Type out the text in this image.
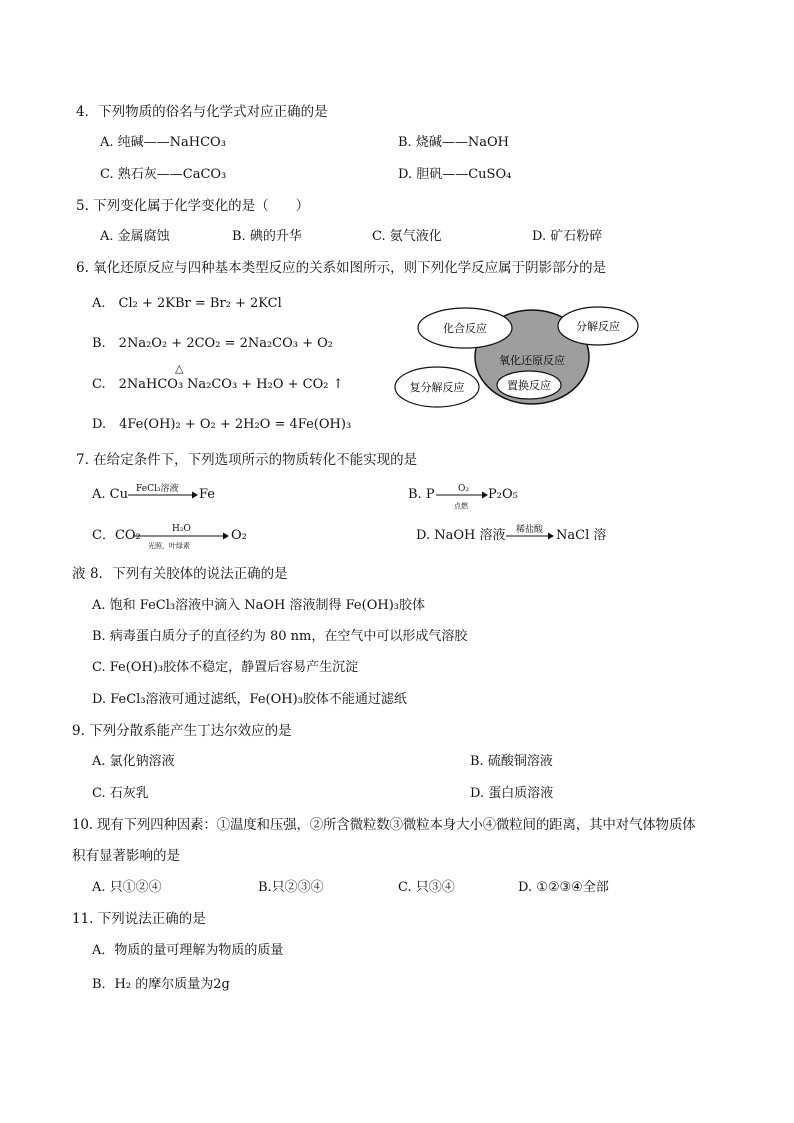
4．下列物质的俗名与化学式对应正确的是
A. 纯碱——NaHCO₃	B. 烧碱——NaOH
C. 熟石灰——CaCO₃	D. 胆矾——CuSO₄
5. 下列变化属于化学变化的是（　　）
A. 金属腐蚀	B. 碘的升华	C. 氨气液化	D. 矿石粉碎
6. 氧化还原反应与四种基本类型反应的关系如图所示，则下列化学反应属于阴影部分的是
A.　Cl₂ + 2KBr = Br₂ + 2KCl
B.　2Na₂O₂ + 2CO₂ = 2Na₂CO₃ + O₂
C.　2NaHCO₃
△
Na₂CO₃ + H₂O + CO₂ ↑
D.　4Fe(OH)₂ + O₂ + 2H₂O = 4Fe(OH)₃
化合反应	分解反应
氧化还原反应
复分解反应	置换反应
7. 在给定条件下，下列选项所示的物质转化不能实现的是
A. Cu FeCl₃溶液 Fe	B. P	O₂
点燃
P₂O₅
C．CO₂	H₂O
光照，叶绿素
O₂	D. NaOH 溶液 稀盐酸 NaCl 溶
液 8．下列有关胶体的说法正确的是
A. 饱和 FeCl₃溶液中滴入 NaOH 溶液制得 Fe(OH)₃胶体
B. 病毒蛋白质分子的直径约为 80 nm，在空气中可以形成气溶胶
C. Fe(OH)₃胶体不稳定，静置后容易产生沉淀
D. FeCl₃溶液可通过滤纸，Fe(OH)₃胶体不能通过滤纸
9. 下列分散系能产生丁达尔效应的是
A. 氯化钠溶液	B. 硫酸铜溶液
C. 石灰乳	D. 蛋白质溶液
10. 现有下列四种因素：①温度和压强，②所含微粒数③微粒本身大小④微粒间的距离，其中对气体物质体
积有显著影响的是
A. 只①②④	B.只②③④	C. 只③④	D. ①②③④全部
11. 下列说法正确的是
A．物质的量可理解为物质的质量
B．H₂ 的摩尔质量为2g
